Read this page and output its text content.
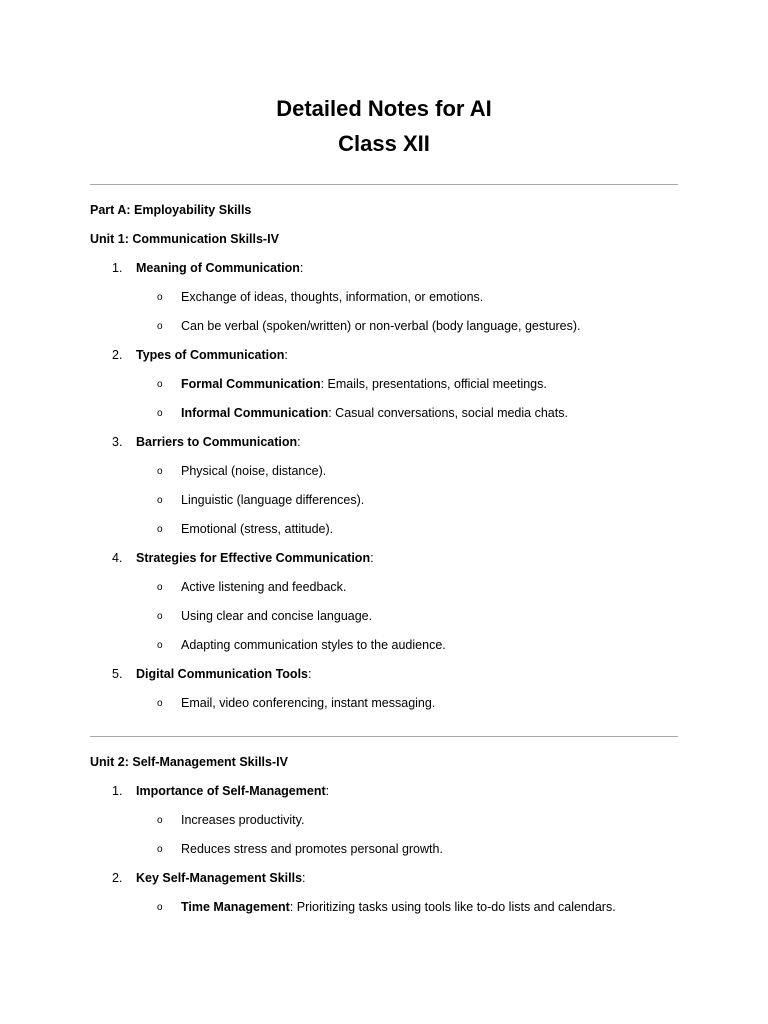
Detailed Notes for AI
Class XII
Part A: Employability Skills
Unit 1: Communication Skills-IV
1. Meaning of Communication:
o Exchange of ideas, thoughts, information, or emotions.
o Can be verbal (spoken/written) or non-verbal (body language, gestures).
2. Types of Communication:
o Formal Communication: Emails, presentations, official meetings.
o Informal Communication: Casual conversations, social media chats.
3. Barriers to Communication:
o Physical (noise, distance).
o Linguistic (language differences).
o Emotional (stress, attitude).
4. Strategies for Effective Communication:
o Active listening and feedback.
o Using clear and concise language.
o Adapting communication styles to the audience.
5. Digital Communication Tools:
o Email, video conferencing, instant messaging.
Unit 2: Self-Management Skills-IV
1. Importance of Self-Management:
o Increases productivity.
o Reduces stress and promotes personal growth.
2. Key Self-Management Skills:
o Time Management: Prioritizing tasks using tools like to-do lists and calendars.
